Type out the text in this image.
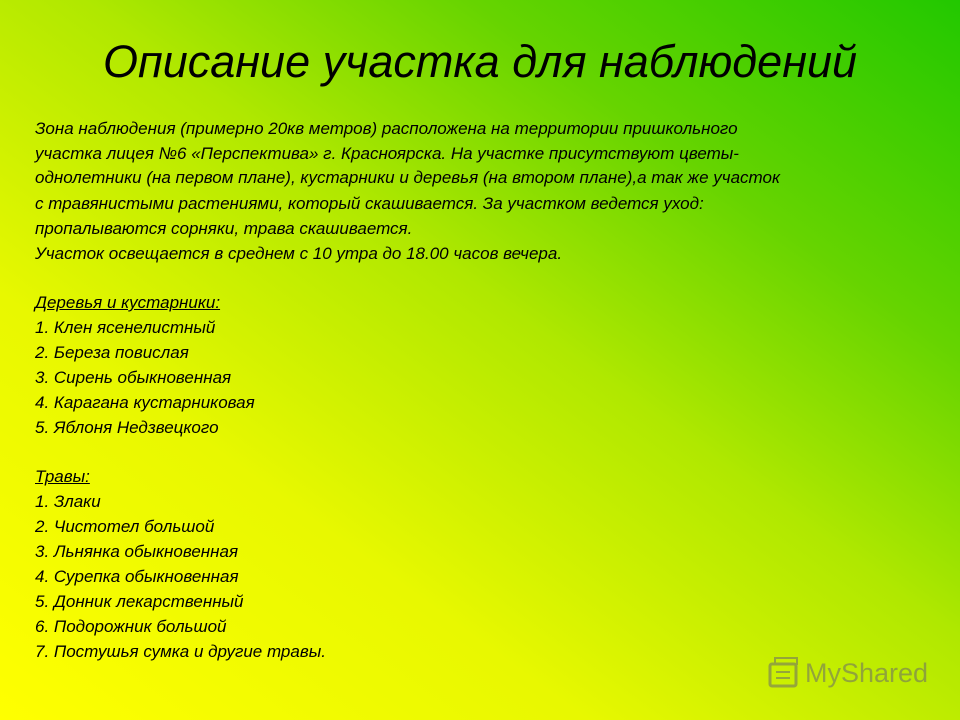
Описание участка для наблюдений
Зона наблюдения (примерно 20кв метров) расположена на территории пришкольного
участка лицея №6 «Перспектива» г. Красноярска. На участке присутствуют цветы-
однолетники (на первом плане), кустарники и деревья (на втором плане),а так же участок
с травянистыми растениями, который скашивается. За участком ведется уход:
пропалываются сорняки, трава скашивается.
Участок освещается в среднем с 10 утра до 18.00 часов вечера.
Деревья и кустарники:
1. Клен ясенелистный
2. Береза повислая
3. Сирень обыкновенная
4. Карагана кустарниковая
5. Яблоня Недзвецкого
Травы:
1. Злаки
2. Чистотел большой
3. Льнянка обыкновенная
4. Сурепка обыкновенная
5. Донник лекарственный
6. Подорожник большой
7. Постушья сумка и другие травы.
MyShared
